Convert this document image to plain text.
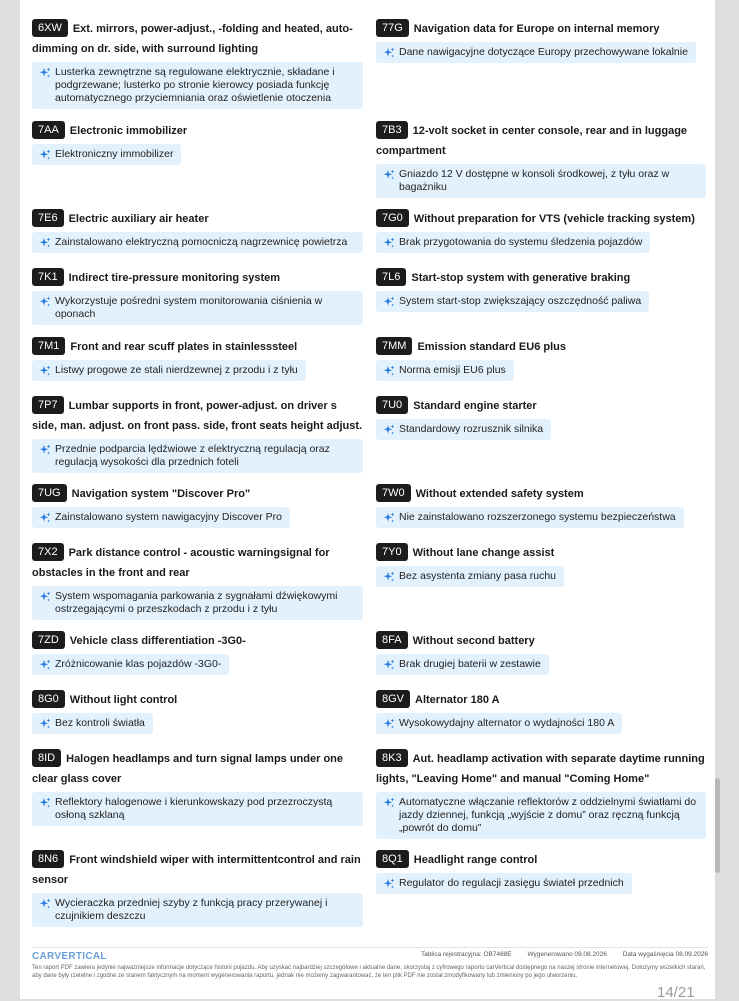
6XW Ext. mirrors, power-adjust., -folding and heated, auto-dimming on dr. side, with surround lighting
Lusterka zewnętrzne są regulowane elektrycznie, składane i podgrzewane; lusterko po stronie kierowcy posiada funkcję automatycznego przyciemniania oraz oświetlenie otoczenia
7AA Electronic immobilizer
Elektroniczny immobilizer
7E6 Electric auxiliary air heater
Zainstalowano elektryczną pomocniczą nagrzewnicę powietrza
7K1 Indirect tire-pressure monitoring system
Wykorzystuje pośredni system monitorowania ciśnienia w oponach
7M1 Front and rear scuff plates in stainlesssteel
Listwy progowe ze stali nierdzewnej z przodu i z tyłu
7P7 Lumbar supports in front, power-adjust. on driver s side, man. adjust. on front pass. side, front seats height adjust.
Przednie podparcia lędźwiowe z elektryczną regulacją oraz regulacją wysokości dla przednich foteli
7UG Navigation system "Discover Pro"
Zainstalowano system nawigacyjny Discover Pro
7X2 Park distance control - acoustic warningsignal for obstacles in the front and rear
System wspomagania parkowania z sygnałami dźwiękowymi ostrzegającymi o przeszkodach z przodu i z tyłu
7ZD Vehicle class differentiation -3G0-
Zróżnicowanie klas pojazdów -3G0-
8G0 Without light control
Bez kontroli światła
8ID Halogen headlamps and turn signal lamps under one clear glass cover
Reflektory halogenowe i kierunkowskazy pod przezroczystą osłoną szklaną
8N6 Front windshield wiper with intermittentcontrol and rain sensor
Wycieraczka przedniej szyby z funkcją pracy przerywanej i czujnikiem deszczu
77G Navigation data for Europe on internal memory
Dane nawigacyjne dotyczące Europy przechowywane lokalnie
7B3 12-volt socket in center console, rear and in luggage compartment
Gniazdo 12 V dostępne w konsoli środkowej, z tyłu oraz w bagażniku
7G0 Without preparation for VTS (vehicle tracking system)
Brak przygotowania do systemu śledzenia pojazdów
7L6 Start-stop system with generative braking
System start-stop zwiększający oszczędność paliwa
7MM Emission standard EU6 plus
Norma emisji EU6 plus
7U0 Standard engine starter
Standardowy rozrusznik silnika
7W0 Without extended safety system
Nie zainstalowano rozszerzonego systemu bezpieczeństwa
7Y0 Without lane change assist
Bez asystenta zmiany pasa ruchu
8FA Without second battery
Brak drugiej baterii w zestawie
8GV Alternator 180 A
Wysokowydajny alternator o wydajności 180 A
8K3 Aut. headlamp activation with separate daytime running lights, "Leaving Home" and manual "Coming Home"
Automatyczne włączanie reflektorów z oddzielnymi światłami do jazdy dziennej, funkcją „wyjście z domu” oraz ręczną funkcją „powrót do domu”
8Q1 Headlight range control
Regulator do regulacji zasięgu świateł przednich
CARVERTICAL	Tablica rejestracyjna: OB7488E Wygenerowano 09.08.2026 Data wygaśnięcia 08.09.2026
Ten raport PDF zawiera jedynie najważniejsze informacje dotyczące historii pojazdu. Aby uzyskać najbardziej szczegółowe i aktualne dane, skorzystaj z cyfrowego raportu carVertical dostępnego na naszej stronie internetowej. Dołożymy wszelkich starań, aby dane były rzetelne i zgodne ze stanem faktycznym na moment wygenerowania raportu, jednak nie możemy zagwarantować, że ten plik PDF nie został zmodyfikowany lub zmieniony po jego utworzeniu.
14/21
